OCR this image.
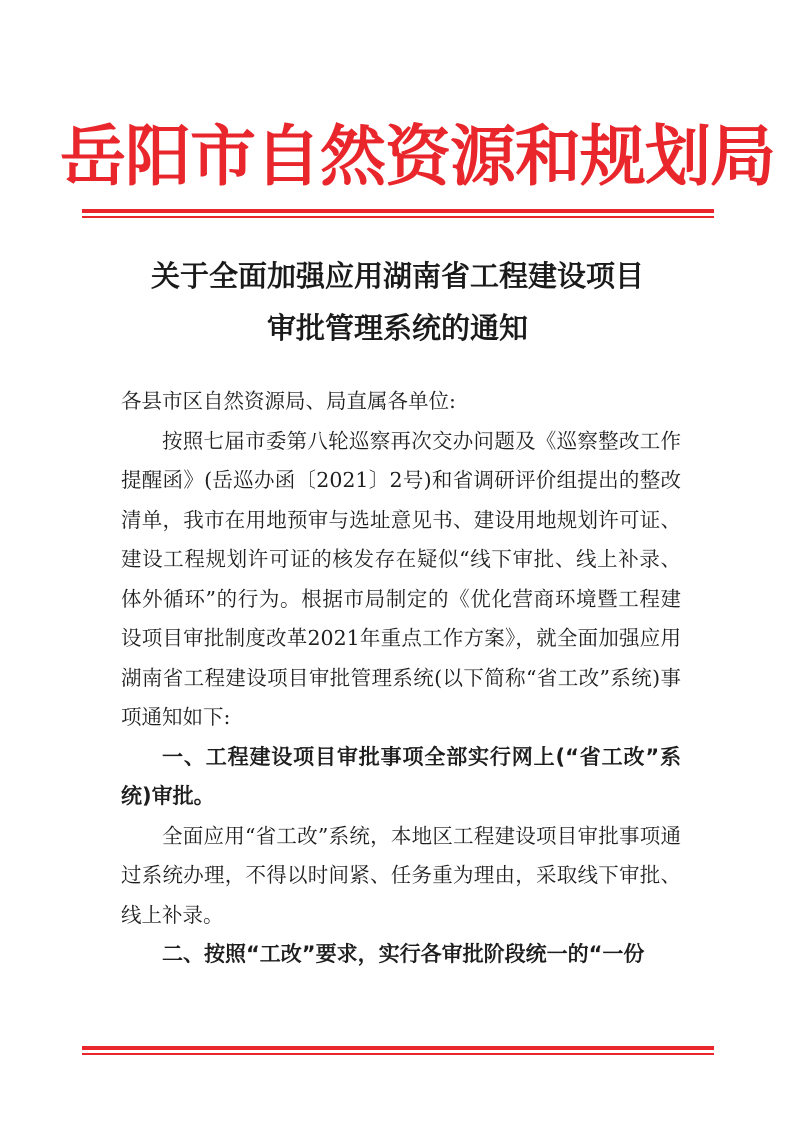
岳阳市自然资源和规划局
关于全面加强应用湖南省工程建设项目
审批管理系统的通知

各县市区自然资源局、局直属各单位:

按照七届市委第八轮巡察再次交办问题及《巡察整改工作提醒函》(岳巡办函〔2021〕2号)和省调研评价组提出的整改清单，我市在用地预审与选址意见书、建设用地规划许可证、建设工程规划许可证的核发存在疑似“线下审批、线上补录、体外循环”的行为。根据市局制定的《优化营商环境暨工程建设项目审批制度改革2021年重点工作方案》，就全面加强应用湖南省工程建设项目审批管理系统(以下简称“省工改”系统)事项通知如下:

一、工程建设项目审批事项全部实行网上(“省工改”系统)审批。

全面应用“省工改”系统，本地区工程建设项目审批事项通过系统办理，不得以时间紧、任务重为理由，采取线下审批、线上补录。

二、按照“工改”要求，实行各审批阶段统一的“一份
